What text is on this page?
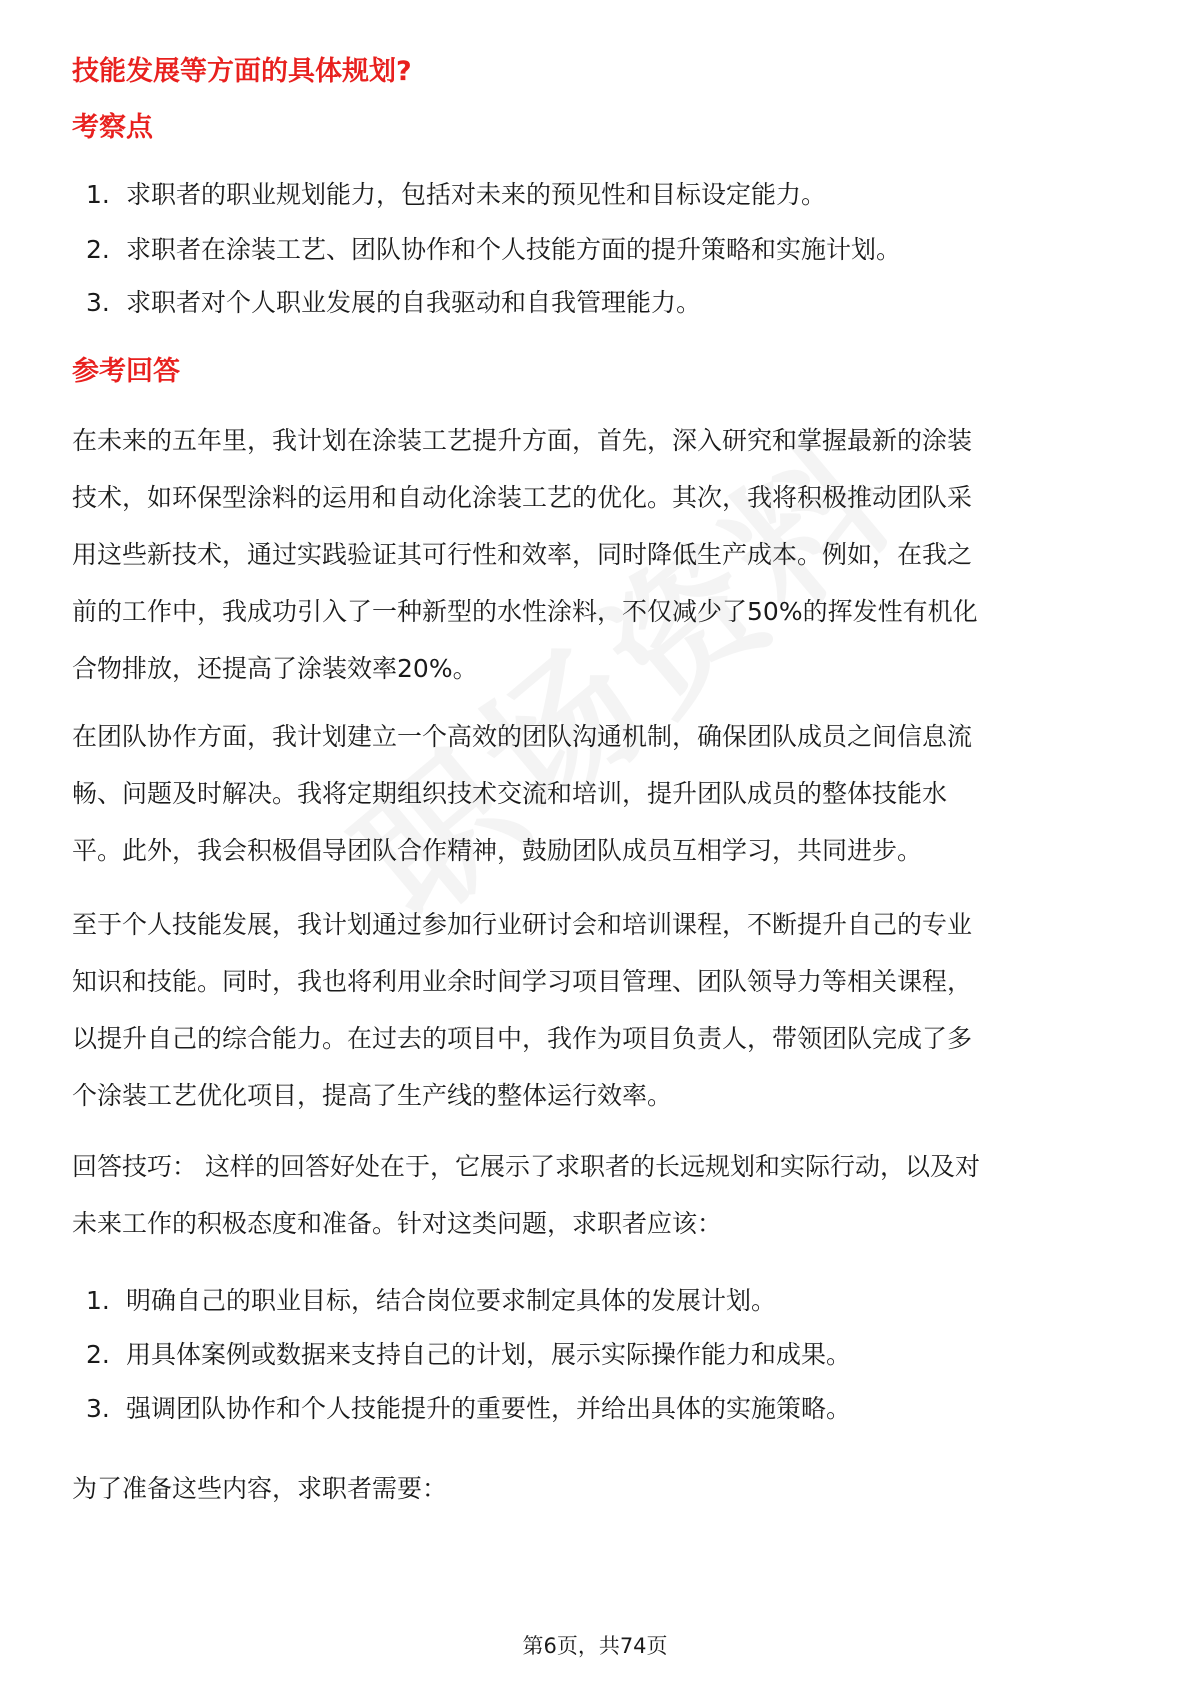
技能发展等方面的具体规划?
考察点
1. 求职者的职业规划能力，包括对未来的预见性和目标设定能力。
2. 求职者在涂装工艺、团队协作和个人技能方面的提升策略和实施计划。
3. 求职者对个人职业发展的自我驱动和自我管理能力。
参考回答

在未来的五年里，我计划在涂装工艺提升方面，首先，深入研究和掌握最新的涂装
技术，如环保型涂料的运用和自动化涂装工艺的优化。其次，我将积极推动团队采
用这些新技术，通过实践验证其可行性和效率，同时降低生产成本。例如，在我之
前的工作中，我成功引入了一种新型的水性涂料，不仅减少了50%的挥发性有机化
合物排放，还提高了涂装效率20%。

在团队协作方面，我计划建立一个高效的团队沟通机制，确保团队成员之间信息流
畅、问题及时解决。我将定期组织技术交流和培训，提升团队成员的整体技能水
平。此外，我会积极倡导团队合作精神，鼓励团队成员互相学习，共同进步。

至于个人技能发展，我计划通过参加行业研讨会和培训课程，不断提升自己的专业
知识和技能。同时，我也将利用业余时间学习项目管理、团队领导力等相关课程，
以提升自己的综合能力。在过去的项目中，我作为项目负责人，带领团队完成了多
个涂装工艺优化项目，提高了生产线的整体运行效率。

回答技巧： 这样的回答好处在于，它展示了求职者的长远规划和实际行动，以及对
未来工作的积极态度和准备。针对这类问题，求职者应该：

1. 明确自己的职业目标，结合岗位要求制定具体的发展计划。
2. 用具体案例或数据来支持自己的计划，展示实际操作能力和成果。
3. 强调团队协作和个人技能提升的重要性，并给出具体的实施策略。

为了准备这些内容，求职者需要：

第6页，共74页
